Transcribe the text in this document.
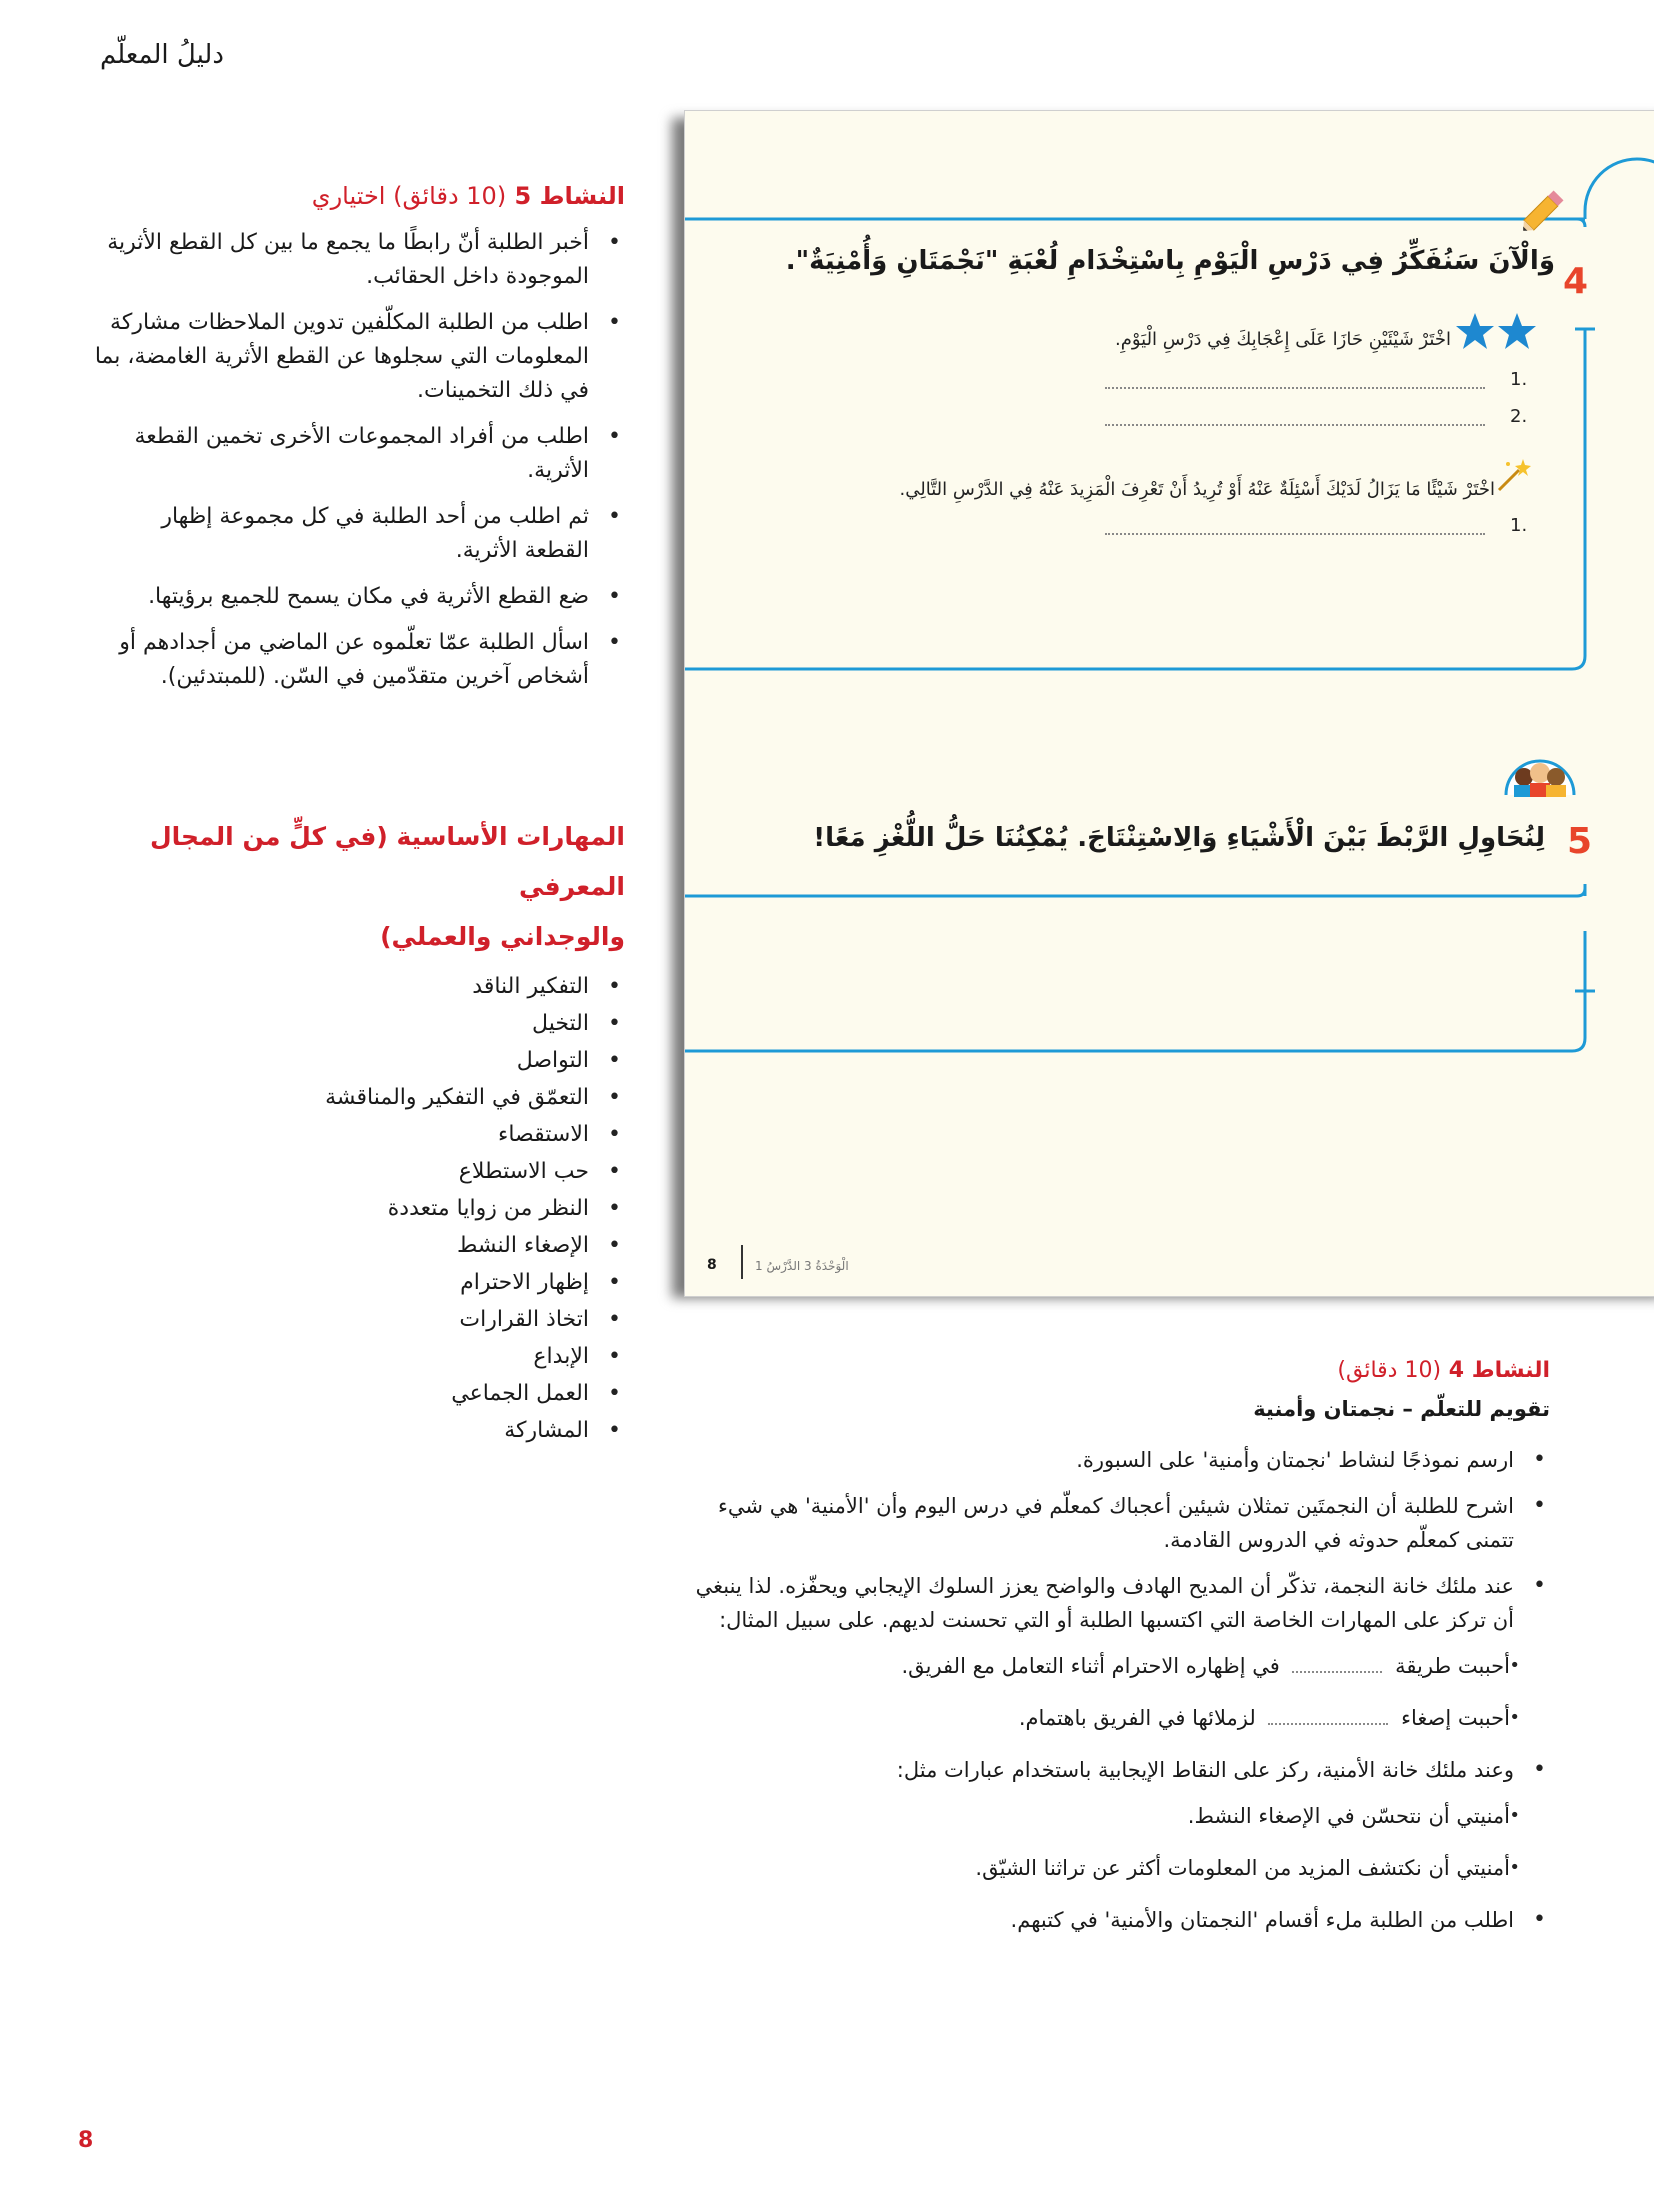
دليلُ المعلّم
النشاط 5 (10 دقائق) اختياري
• أخبر الطلبة أنّ رابطًا ما يجمع ما بين كل القطع الأثرية الموجودة داخل الحقائب.
• اطلب من الطلبة المكلّفين تدوين الملاحظات مشاركة المعلومات التي سجلوها عن القطع الأثرية الغامضة، بما في ذلك التخمينات.
• اطلب من أفراد المجموعات الأخرى تخمين القطعة الأثرية.
• ثم اطلب من أحد الطلبة في كل مجموعة إظهار القطعة الأثرية.
• ضع القطع الأثرية في مكان يسمح للجميع برؤيتها.
• اسأل الطلبة عمّا تعلّموه عن الماضي من أجدادهم أو أشخاص آخرين متقدّمين في السّن. (للمبتدئين).
المهارات الأساسية (في كلٍّ من المجال المعرفي
والوجداني والعملي)
• التفكير الناقد
• التخيل
• التواصل
• التعمّق في التفكير والمناقشة
• الاستقصاء
• حب الاستطلاع
• النظر من زوايا متعددة
• الإصغاء النشط
• إظهار الاحترام
• اتخاذ القرارات
• الإبداع
• العمل الجماعي
• المشاركة
4
وَالْآنَ سَنُفَكِّرُ فِي دَرْسِ الْيَوْمِ بِاسْتِخْدَامِ لُعْبَةِ "نَجْمَتَانِ وَأُمْنِيَةٌ".
اخْتَرْ شَيْئَيْنِ حَازَا عَلَى إِعْجَابِكَ فِي دَرْسِ الْيَوْمِ.
1.
2.
اخْتَرْ شَيْئًا مَا يَزَالُ لَدَيْكَ أَسْئِلَةٌ عَنْهُ أَوْ تُرِيدُ أَنْ تَعْرِفَ الْمَزِيدَ عَنْهُ فِي الدَّرْسِ التَّالِي.
1.
5
لِنُحَاوِلِ الرَّبْطَ بَيْنَ الْأَشْيَاءِ وَالِاسْتِنْتَاجَ. يُمْكِنُنَا حَلُّ اللُّغْزِ مَعًا!
8	الْوَحْدَةُ 3 الدَّرْسُ 1
النشاط 4 (10 دقائق)
تقويم للتعلّم – نجمتان وأمنية
• ارسم نموذجًا لنشاط 'نجمتان وأمنية' على السبورة.
• اشرح للطلبة أن النجمتَين تمثلان شيئين أعجباك كمعلّم في درس اليوم وأن 'الأمنية' هي شيء تتمنى كمعلّم حدوثه في الدروس القادمة.
• عند ملئك خانة النجمة، تذكّر أن المديح الهادف والواضح يعزز السلوك الإيجابي ويحفّزه. لذا ينبغي أن تركز على المهارات الخاصة التي اكتسبها الطلبة أو التي تحسنت لديهم. على سبيل المثال:
• أحببت طريقة  في إظهاره الاحترام أثناء التعامل مع الفريق.
• أحببت إصغاء  لزملائها في الفريق باهتمام.
• وعند ملئك خانة الأمنية، ركز على النقاط الإيجابية باستخدام عبارات مثل:
• أمنيتي أن نتحسّن في الإصغاء النشط.
• أمنيتي أن نكتشف المزيد من المعلومات أكثر عن تراثنا الشيّق.
• اطلب من الطلبة ملء أقسام 'النجمتان والأمنية' في كتبهم.
8
